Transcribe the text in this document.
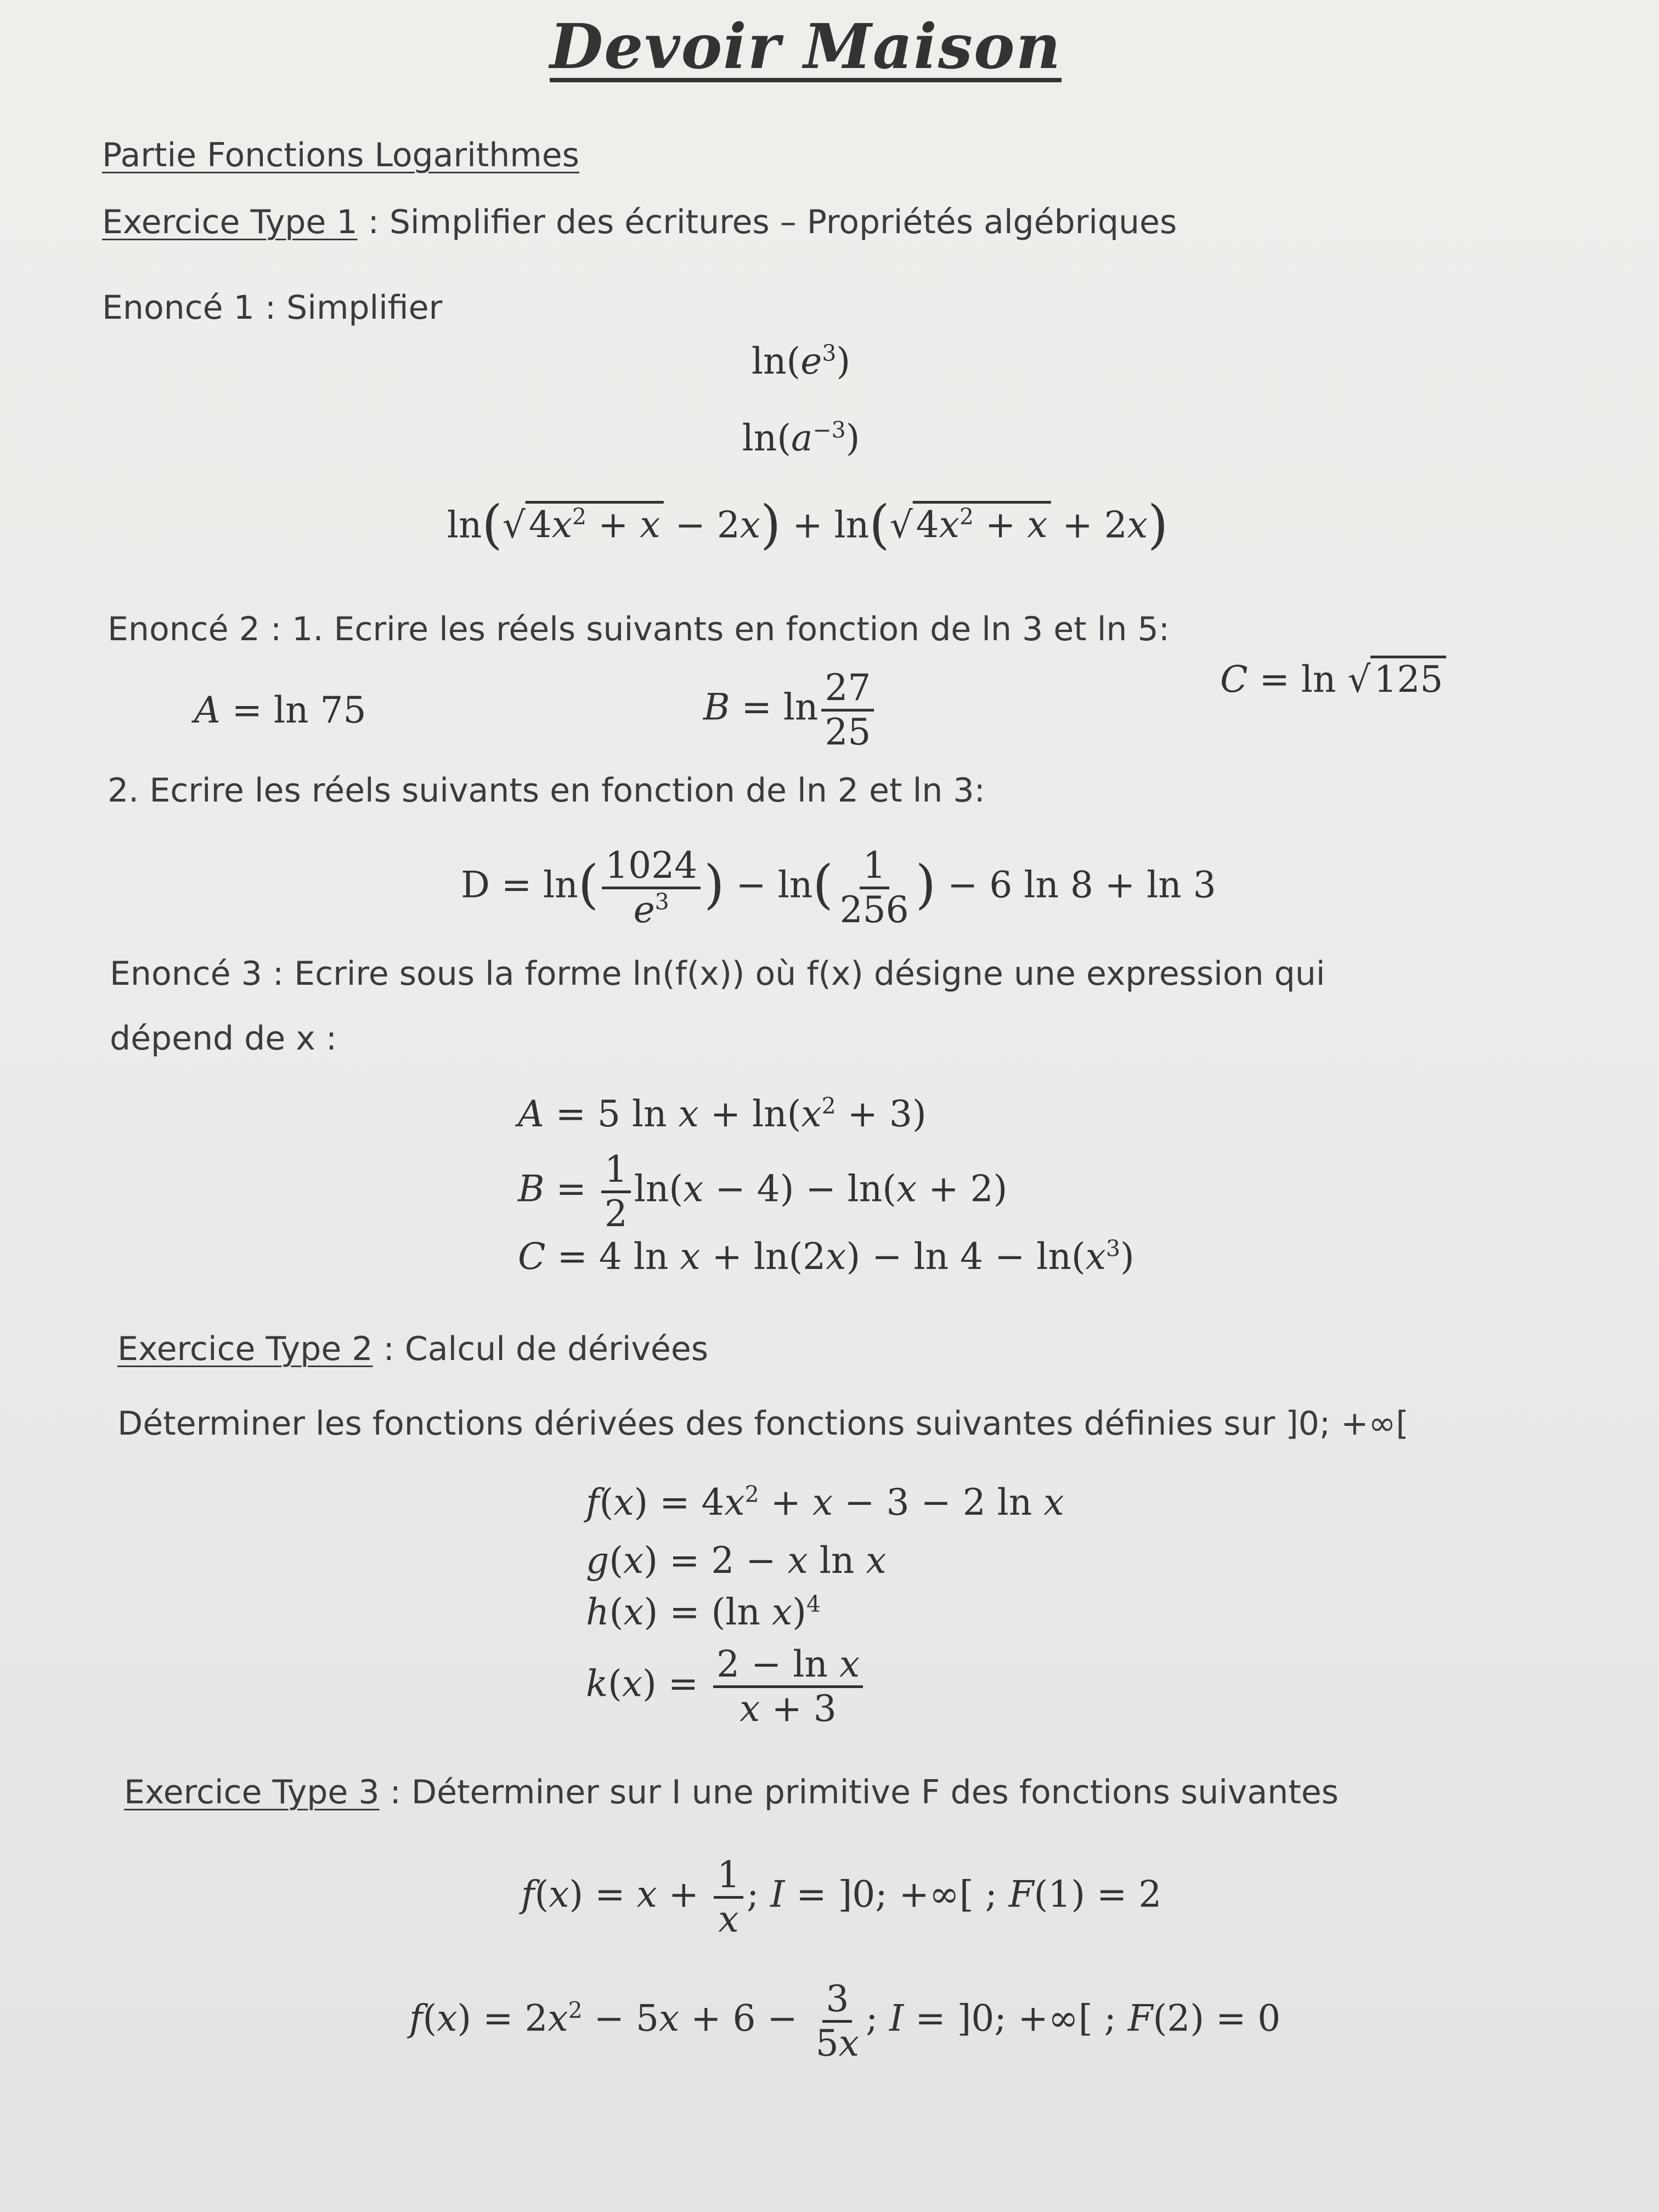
Devoir Maison
Partie Fonctions Logarithmes
Exercice Type 1 : Simplifier des écritures – Propriétés algébriques
Enoncé 1 : Simplifier
$\ln(e^3)$
$\ln(a^{-3})$
$\ln(√4x^2 + x - 2x) + \ln(√4x^2 + x + 2x)$
Enoncé 2 : 1. Ecrire les réels suivants en fonction de ln 3 et ln 5:
A = ln 75	$B = \ln \frac{27}{25}$	C = ln √125
2. Ecrire les réels suivants en fonction de ln 2 et ln 3:
$D = \ln( \frac{1024}{e^3}$ ) − $\ln( \frac{1}{256}$ ) − 6 ln 8 + ln 3
Enoncé 3 : Ecrire sous la forme ln(f(x)) où f(x) désigne une expression qui
dépend de x :
A = 5 $\ln x + \ln(x^2 + 3)$
$B = \frac{1}{2} \ln(x - 4) - \ln(x + 2)$
C = 4 $\ln x + \ln(2x) - \ln 4 - \ln(x^3)$
Exercice Type 2 : Calcul de dérivées
Déterminer les fonctions dérivées des fonctions suivantes définies sur ]0; +∞[
$f(x) = 4x^2 + x - 3 - 2$ ln x
g(x) = 2 − x ln x
h(x) = (ln x)$^4$
$k(x) = \frac{\text{2 − ln x}}{x + 3}$
Exercice Type 3 : Déterminer sur I une primitive F des fonctions suivantes
$f(x) = x + \frac{1}{x}$ ; I = ]0; +∞[ ; F(1) = 2
$f(x) = 2x^2 - 5x + 6 - \frac{3}{5x}$ ; I = ]0; +∞[ ; F(2) = 0
